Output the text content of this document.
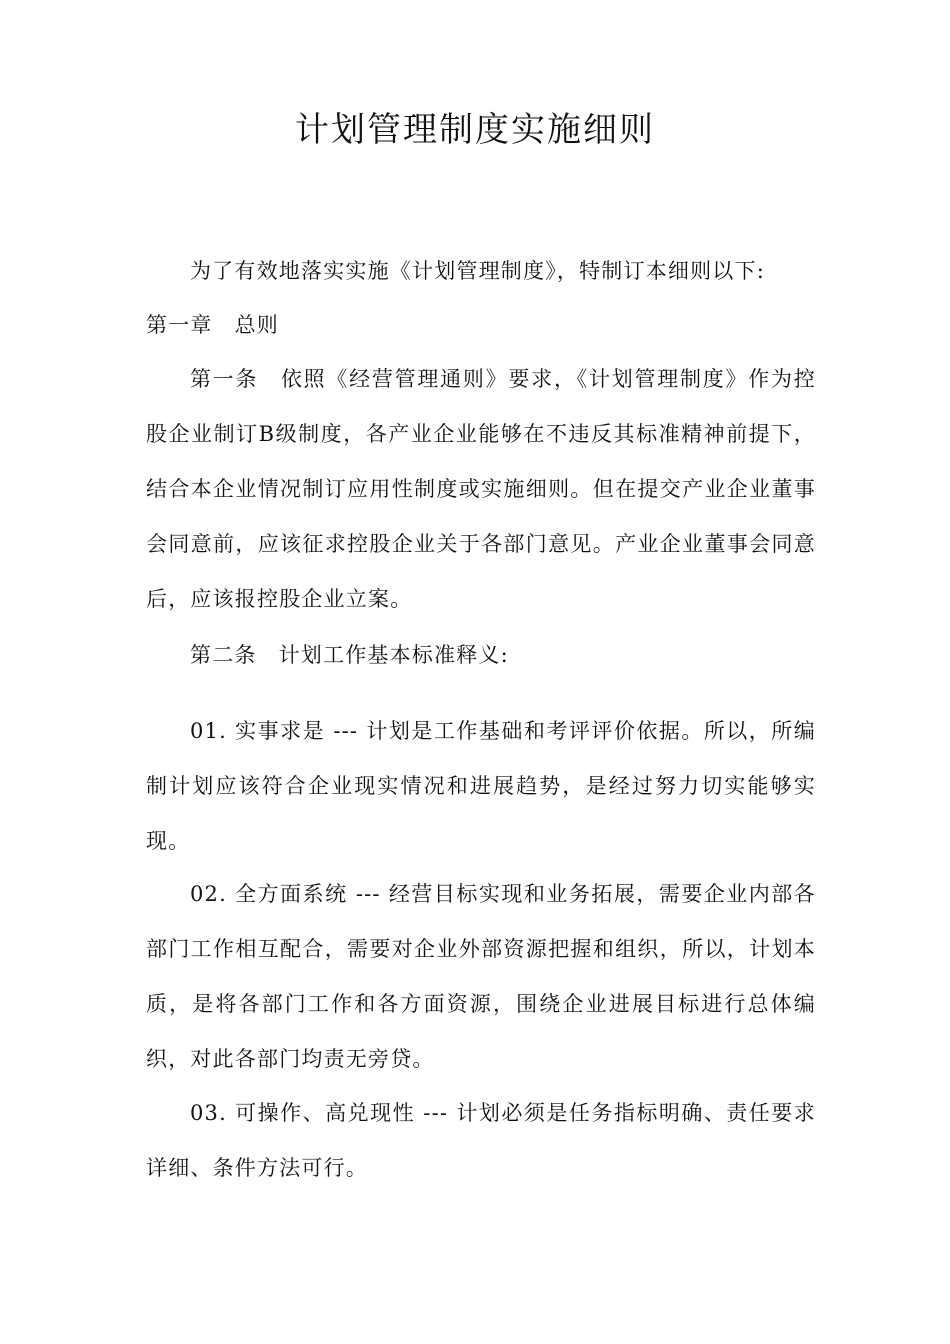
计划管理制度实施细则

为了有效地落实实施《计划管理制度》，特制订本细则以下:

第一章 总则

第一条 依照《经营管理通则》要求，《计划管理制度》作为控股企业制订B级制度，各产业企业能够在不违反其标准精神前提下，结合本企业情况制订应用性制度或实施细则。但在提交产业企业董事会同意前，应该征求控股企业关于各部门意见。产业企业董事会同意后，应该报控股企业立案。

第二条 计划工作基本标准释义:

01. 实事求是 --- 计划是工作基础和考评评价依据。所以，所编制计划应该符合企业现实情况和进展趋势，是经过努力切实能够实现。

02. 全方面系统 --- 经营目标实现和业务拓展，需要企业内部各部门工作相互配合，需要对企业外部资源把握和组织，所以，计划本质，是将各部门工作和各方面资源，围绕企业进展目标进行总体编织，对此各部门均责无旁贷。

03. 可操作、高兑现性 --- 计划必须是任务指标明确、责任要求详细、条件方法可行。
